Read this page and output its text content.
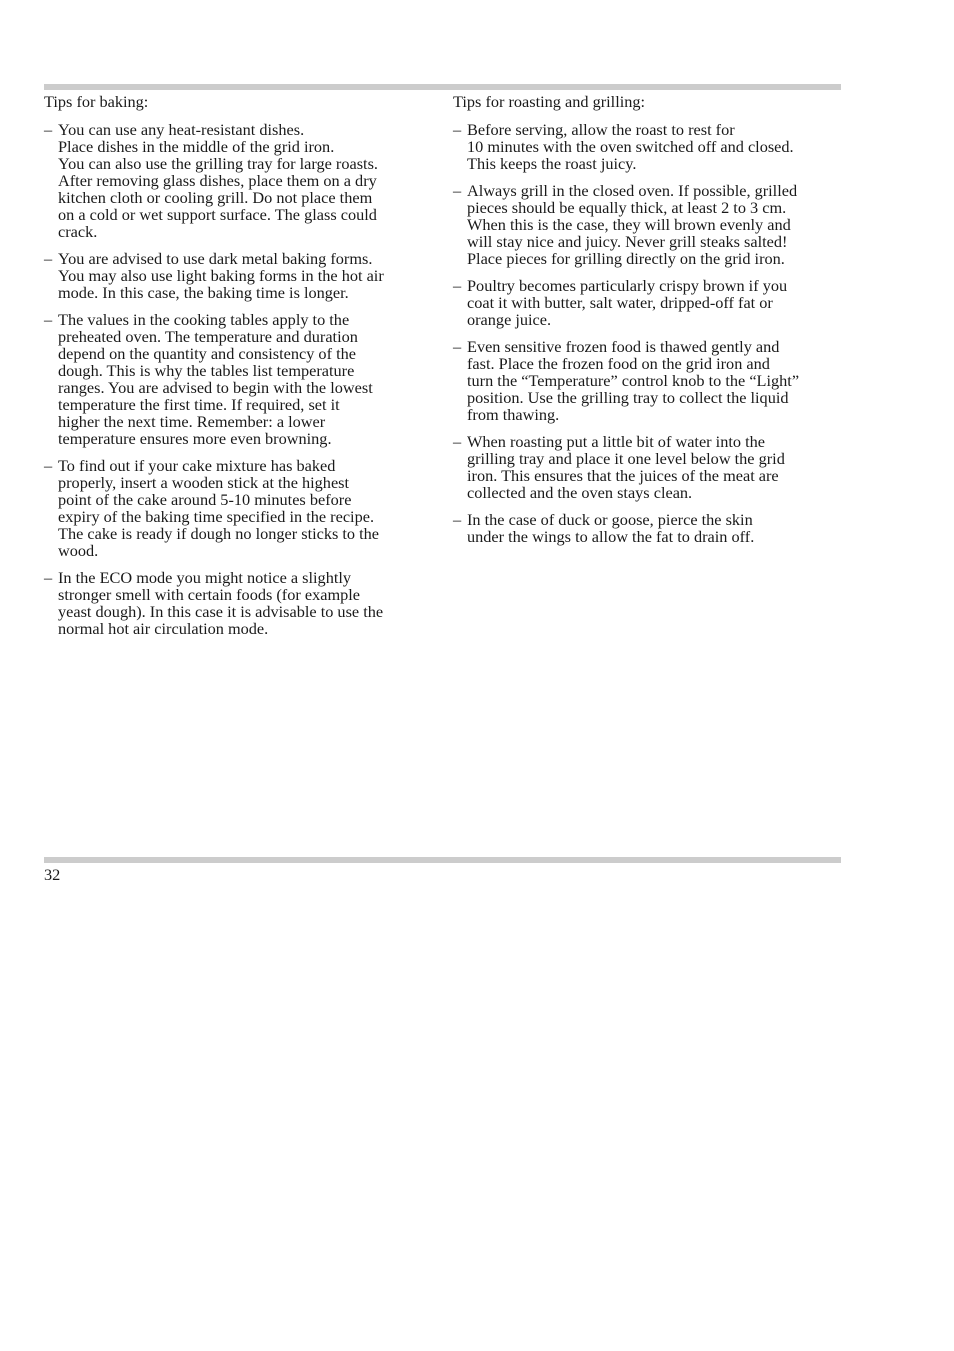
Tips for baking:
– You can use any heat-resistant dishes.
Place dishes in the middle of the grid iron.
You can also use the grilling tray for large roasts.
After removing glass dishes, place them on a dry
kitchen cloth or cooling grill. Do not place them
on a cold or wet support surface. The glass could
crack.
– You are advised to use dark metal baking forms.
You may also use light baking forms in the hot air
mode. In this case, the baking time is longer.
– The values in the cooking tables apply to the
preheated oven. The temperature and duration
depend on the quantity and consistency of the
dough. This is why the tables list temperature
ranges. You are advised to begin with the lowest
temperature the first time. If required, set it
higher the next time. Remember: a lower
temperature ensures more even browning.
– To find out if your cake mixture has baked
properly, insert a wooden stick at the highest
point of the cake around 5-10 minutes before
expiry of the baking time specified in the recipe.
The cake is ready if dough no longer sticks to the
wood.
– In the ECO mode you might notice a slightly
stronger smell with certain foods (for example
yeast dough). In this case it is advisable to use the
normal hot air circulation mode.
Tips for roasting and grilling:
– Before serving, allow the roast to rest for
10 minutes with the oven switched off and closed.
This keeps the roast juicy.
– Always grill in the closed oven. If possible, grilled
pieces should be equally thick, at least 2 to 3 cm.
When this is the case, they will brown evenly and
will stay nice and juicy. Never grill steaks salted!
Place pieces for grilling directly on the grid iron.
– Poultry becomes particularly crispy brown if you
coat it with butter, salt water, dripped-off fat or
orange juice.
– Even sensitive frozen food is thawed gently and
fast. Place the frozen food on the grid iron and
turn the “Temperature” control knob to the “Light”
position. Use the grilling tray to collect the liquid
from thawing.
– When roasting put a little bit of water into the
grilling tray and place it one level below the grid
iron. This ensures that the juices of the meat are
collected and the oven stays clean.
– In the case of duck or goose, pierce the skin
under the wings to allow the fat to drain off.
32
